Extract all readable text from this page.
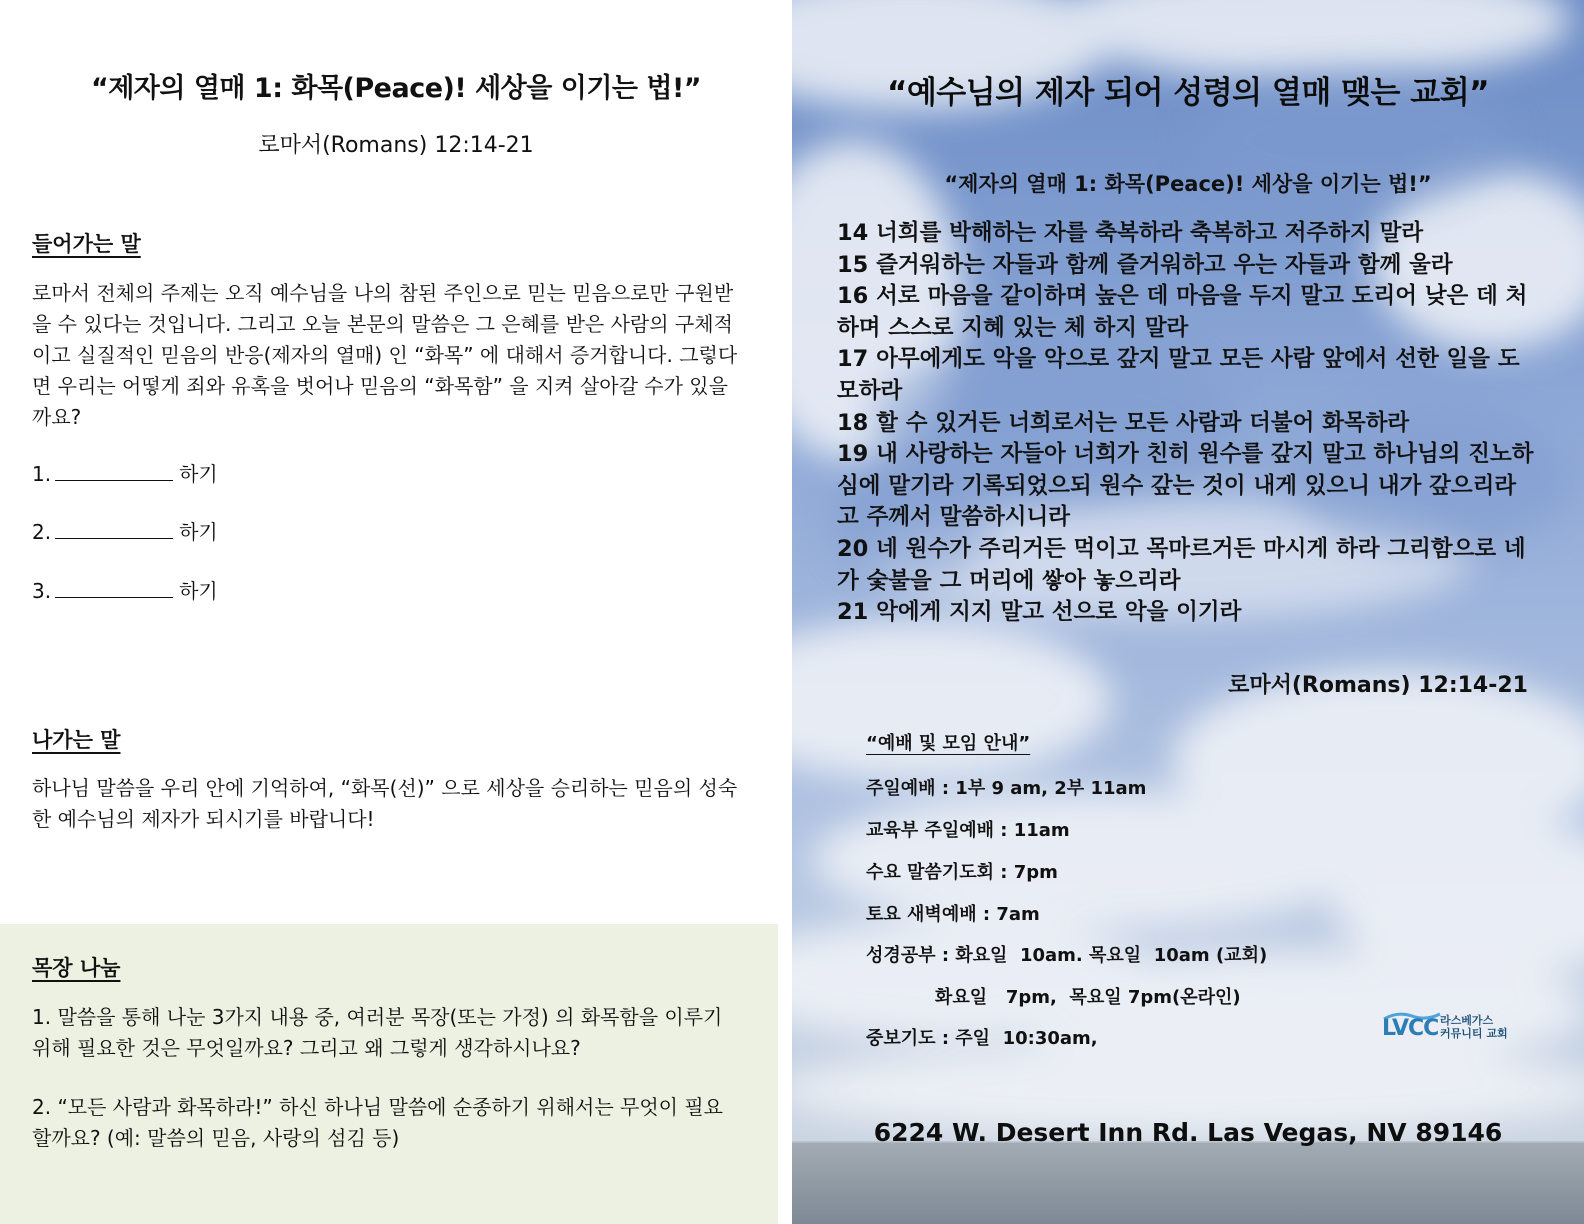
“제자의 열매 1: 화목(Peace)! 세상을 이기는 법!”
로마서(Romans) 12:14-21
들어가는 말
로마서 전체의 주제는 오직 예수님을 나의 참된 주인으로 믿는 믿음으로만 구원받을 수 있다는 것입니다. 그리고 오늘 본문의 말씀은 그 은혜를 받은 사람의 구체적이고 실질적인 믿음의 반응(제자의 열매) 인 “화목” 에 대해서 증거합니다. 그렇다면 우리는 어떻게 죄와 유혹을 벗어나 믿음의 “화목함” 을 지켜 살아갈 수가 있을까요?
1.	하기
2.	하기
3.	하기
나가는 말
하나님 말씀을 우리 안에 기억하여, “화목(선)” 으로 세상을 승리하는 믿음의 성숙한 예수님의 제자가 되시기를 바랍니다!
목장 나눔
1. 말씀을 통해 나눈 3가지 내용 중, 여러분 목장(또는 가정) 의 화목함을 이루기 위해 필요한 것은 무엇일까요? 그리고 왜 그렇게 생각하시나요?
2. “모든 사람과 화목하라!” 하신 하나님 말씀에 순종하기 위해서는 무엇이 필요할까요? (예: 말씀의 믿음, 사랑의 섬김 등)
“예수님의 제자 되어 성령의 열매 맺는 교회”
“제자의 열매 1: 화목(Peace)! 세상을 이기는 법!”
14 너희를 박해하는 자를 축복하라 축복하고 저주하지 말라
15 즐거워하는 자들과 함께 즐거워하고 우는 자들과 함께 울라
16 서로 마음을 같이하며 높은 데 마음을 두지 말고 도리어 낮은 데 처하며 스스로 지혜 있는 체 하지 말라
17 아무에게도 악을 악으로 갚지 말고 모든 사람 앞에서 선한 일을 도모하라
18 할 수 있거든 너희로서는 모든 사람과 더불어 화목하라
19 내 사랑하는 자들아 너희가 친히 원수를 갚지 말고 하나님의 진노하심에 맡기라 기록되었으되 원수 갚는 것이 내게 있으니 내가 갚으리라고 주께서 말씀하시니라
20 네 원수가 주리거든 먹이고 목마르거든 마시게 하라 그리함으로 네가 숯불을 그 머리에 쌓아 놓으리라
21 악에게 지지 말고 선으로 악을 이기라
로마서(Romans) 12:14-21
“예배 및 모임 안내”
주일예배 : 1부 9 am, 2부 11am
교육부 주일예배 : 11am
수요 말씀기도회 : 7pm
토요 새벽예배 : 7am
성경공부 : 화요일  10am. 목요일  10am (교회)
화요일   7pm,  목요일 7pm(온라인)
중보기도 : 주일  10:30am,	LVCC 라스베가스
커뮤니티 교회
6224 W. Desert Inn Rd. Las Vegas, NV 89146
